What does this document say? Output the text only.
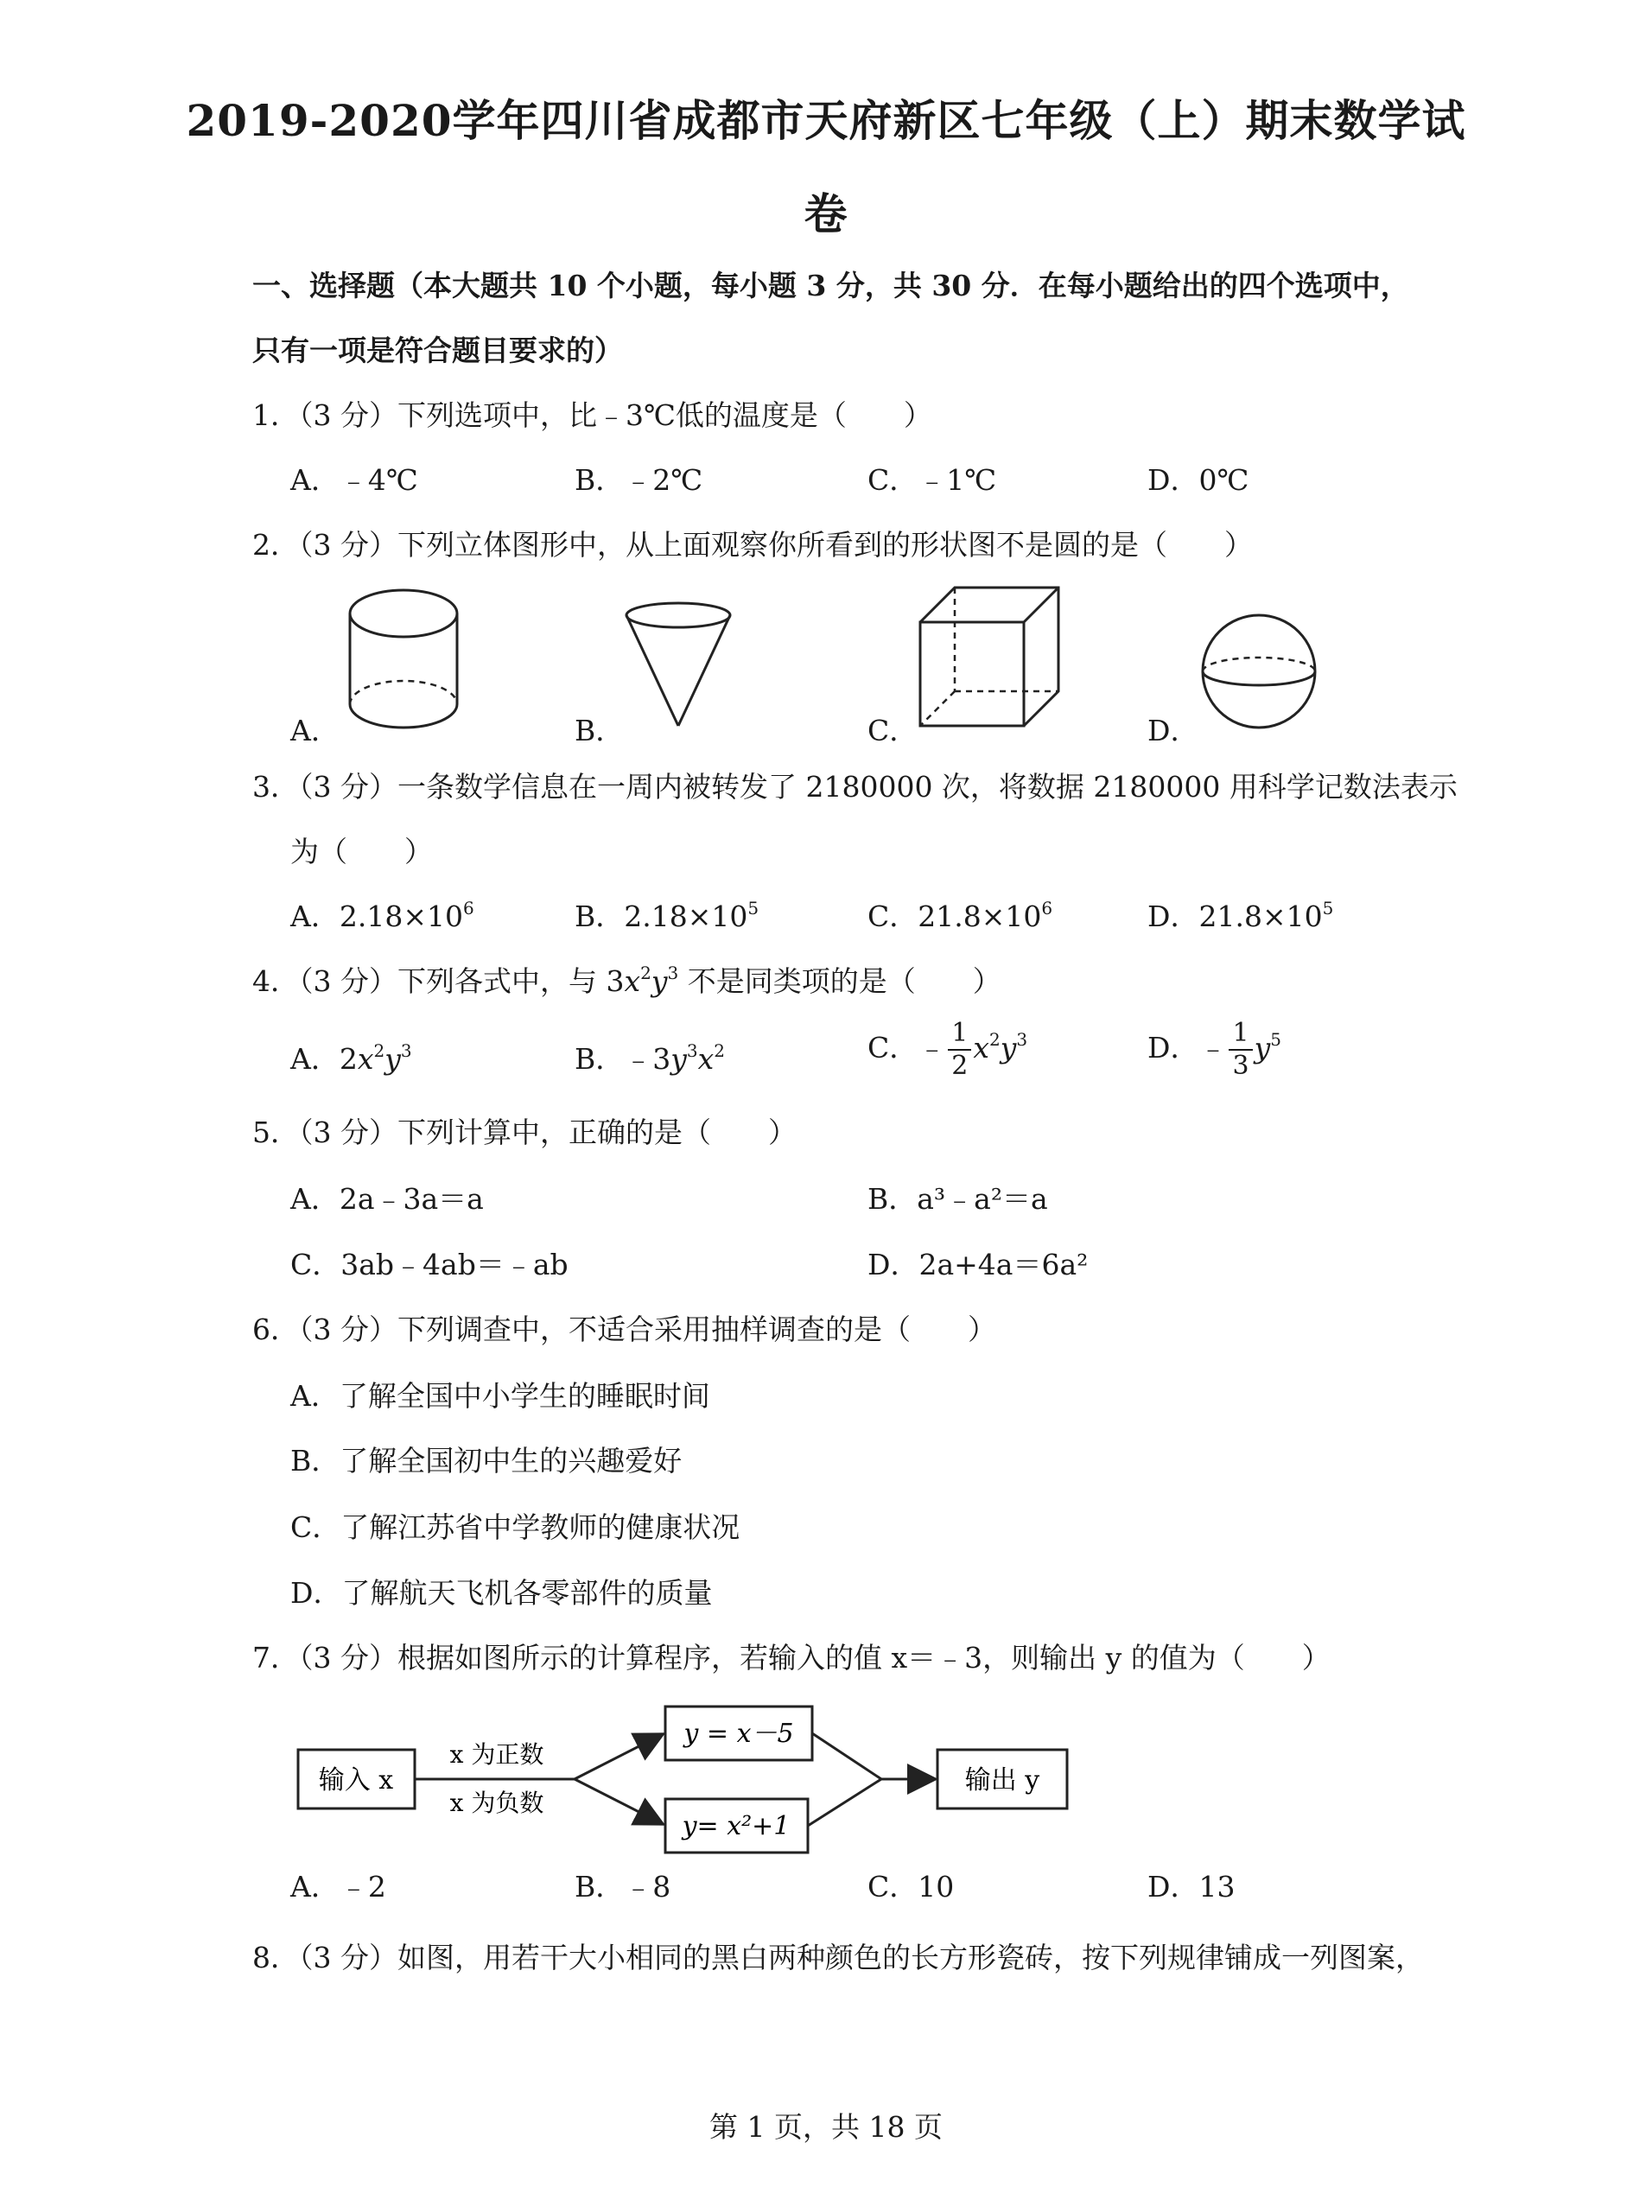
2019-2020学年四川省成都市天府新区七年级（上）期末数学试
卷
一、选择题（本大题共 10 个小题，每小题 3 分，共 30 分．在每小题给出的四个选项中，
只有一项是符合题目要求的）
1．（3 分）下列选项中，比﹣3℃低的温度是（　　）
A．﹣4℃	B．﹣2℃	C．﹣1℃	D．0℃
2．（3 分）下列立体图形中，从上面观察你所看到的形状图不是圆的是（　　）
A．	B．	C．	D．
3．（3 分）一条数学信息在一周内被转发了 2180000 次，将数据 2180000 用科学记数法表示
为（　　）
A．$2.18\times 10^6$	B．$2.18\times 10^5$	C．$21.8\times 10^6$	D．$21.8\times 10^5$
4．（3 分）下列各式中，与 $3x^2y^3$ 不是同类项的是（　　）
A．$2x^2y^3$	B．$﹣3y^3x^2$	C．﹣ $\frac{1}{2} x^2y^3$	D．﹣ $\frac{1}{3} y^5$
5．（3 分）下列计算中，正确的是（　　）
A．2a﹣3a＝a	B．a³﹣a²＝a
C．3ab﹣4ab＝﹣ab	D．2a+4a＝6a²
6．（3 分）下列调查中，不适合采用抽样调查的是（　　）
A．了解全国中小学生的睡眠时间
B．了解全国初中生的兴趣爱好
C．了解江苏省中学教师的健康状况
D．了解航天飞机各零部件的质量
7．（3 分）根据如图所示的计算程序，若输入的值 x＝﹣3，则输出 y 的值为（　　）
输入 x
x 为正数
x 为负数
y = x－5
y= x²+1
输出 y
A．﹣2	B．﹣8	C．10	D．13
8．（3 分）如图，用若干大小相同的黑白两种颜色的长方形瓷砖，按下列规律铺成一列图案，
第 1 页，共 18 页
